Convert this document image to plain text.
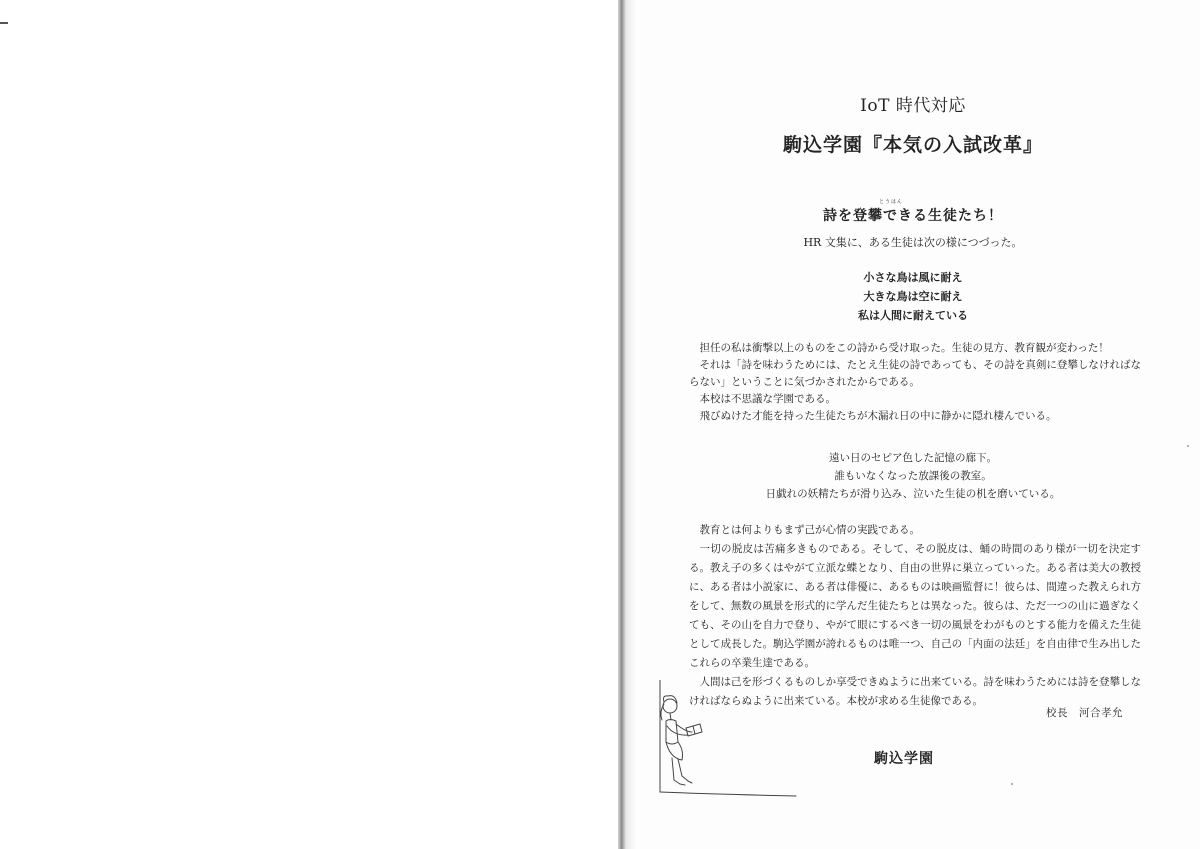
IoT 時代対応
駒込学園『本気の入試改革』
とうはん
詩を登攀できる生徒たち！
HR 文集に、ある生徒は次の様につづった。
小さな鳥は風に耐え
大きな鳥は空に耐え
私は人間に耐えている

担任の私は衝撃以上のものをこの詩から受け取った。生徒の見方、教育観が変わった！

それは「詩を味わうためには、たとえ生徒の詩であっても、その詩を真剣に登攀しなければならない」ということに気づかされたからである。

本校は不思議な学園である。

飛びぬけた才能を持った生徒たちが木漏れ日の中に静かに隠れ棲んでいる。

遠い日のセピア色した記憶の廊下。
誰もいなくなった放課後の教室。
日戯れの妖精たちが滑り込み、泣いた生徒の机を磨いている。

教育とは何よりもまず己が心情の実践である。

一切の脱皮は苦痛多きものである。そして、その脱皮は、蛹の時間のあり様が一切を決定する。教え子の多くはやがて立派な蝶となり、自由の世界に巣立っていった。ある者は美大の教授に、ある者は小説家に、ある者は俳優に、あるものは映画監督に！彼らは、間違った教えられ方をして、無数の風景を形式的に学んだ生徒たちとは異なった。彼らは、ただ一つの山に過ぎなくても、その山を自力で登り、やがて眼にするべき一切の風景をわがものとする能力を備えた生徒として成長した。駒込学園が誇れるものは唯一つ、自己の「内面の法廷」を自由律で生み出したこれらの卒業生達である。

人間は己を形づくるものしか享受できぬように出来ている。詩を味わうためには詩を登攀しなければならぬように出来ている。本校が求める生徒像である。

校長　河合孝允
駒込学園
